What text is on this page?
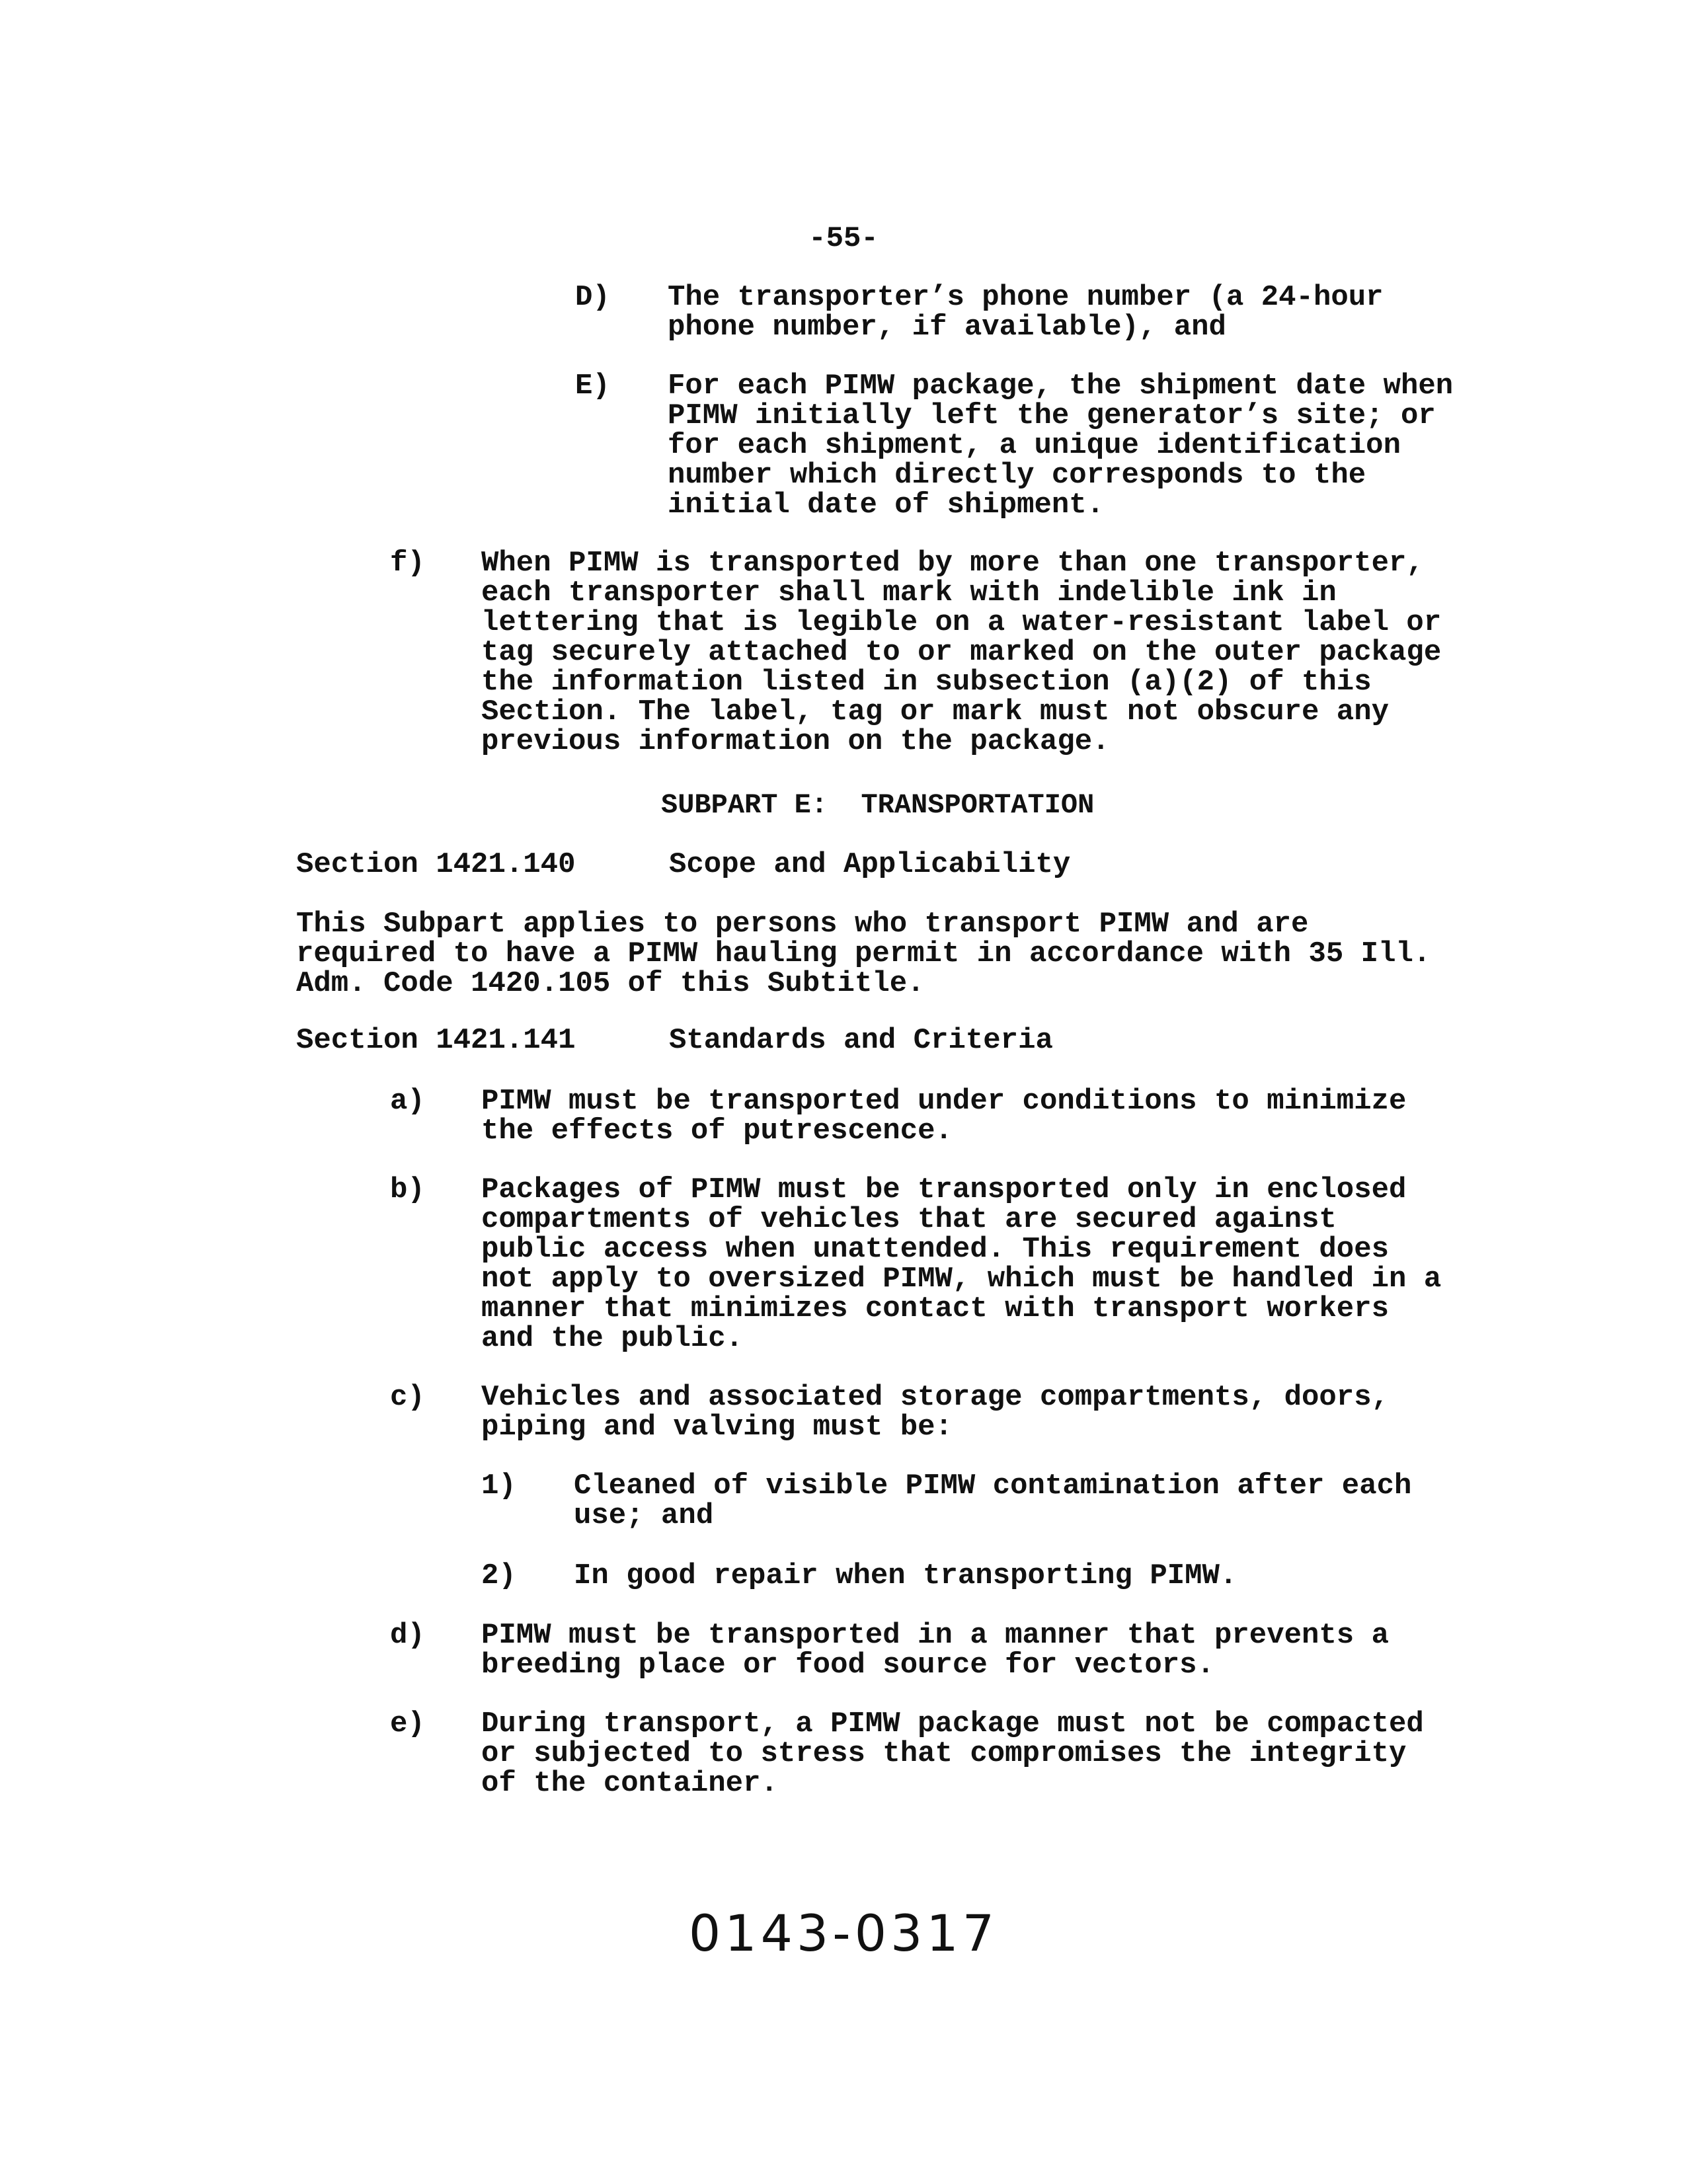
-55-
D) The transporter’s phone number (a 24-hour
phone number, if available), and
E) For each PIMW package, the shipment date when
PIMW initially left the generator’s site; or
for each shipment, a unique identification
number which directly corresponds to the
initial date of shipment.
f) When PIMW is transported by more than one transporter,
each transporter shall mark with indelible ink in
lettering that is legible on a water-resistant label or
tag securely attached to or marked on the outer package
the information listed in subsection (a)(2) of this
Section. The label, tag or mark must not obscure any
previous information on the package.
SUBPART E:  TRANSPORTATION
Section 1421.140	Scope and Applicability
This Subpart applies to persons who transport PIMW and are
required to have a PIMW hauling permit in accordance with 35 Ill.
Adm. Code 1420.105 of this Subtitle.
Section 1421.141	Standards and Criteria
a) PIMW must be transported under conditions to minimize
the effects of putrescence.
b) Packages of PIMW must be transported only in enclosed
compartments of vehicles that are secured against
public access when unattended. This requirement does
not apply to oversized PIMW, which must be handled in a
manner that minimizes contact with transport workers
and the public.
c) Vehicles and associated storage compartments, doors,
piping and valving must be:
1) Cleaned of visible PIMW contamination after each
use; and
2) In good repair when transporting PIMW.
d) PIMW must be transported in a manner that prevents a
breeding place or food source for vectors.
e) During transport, a PIMW package must not be compacted
or subjected to stress that compromises the integrity
of the container.
0143-0317
